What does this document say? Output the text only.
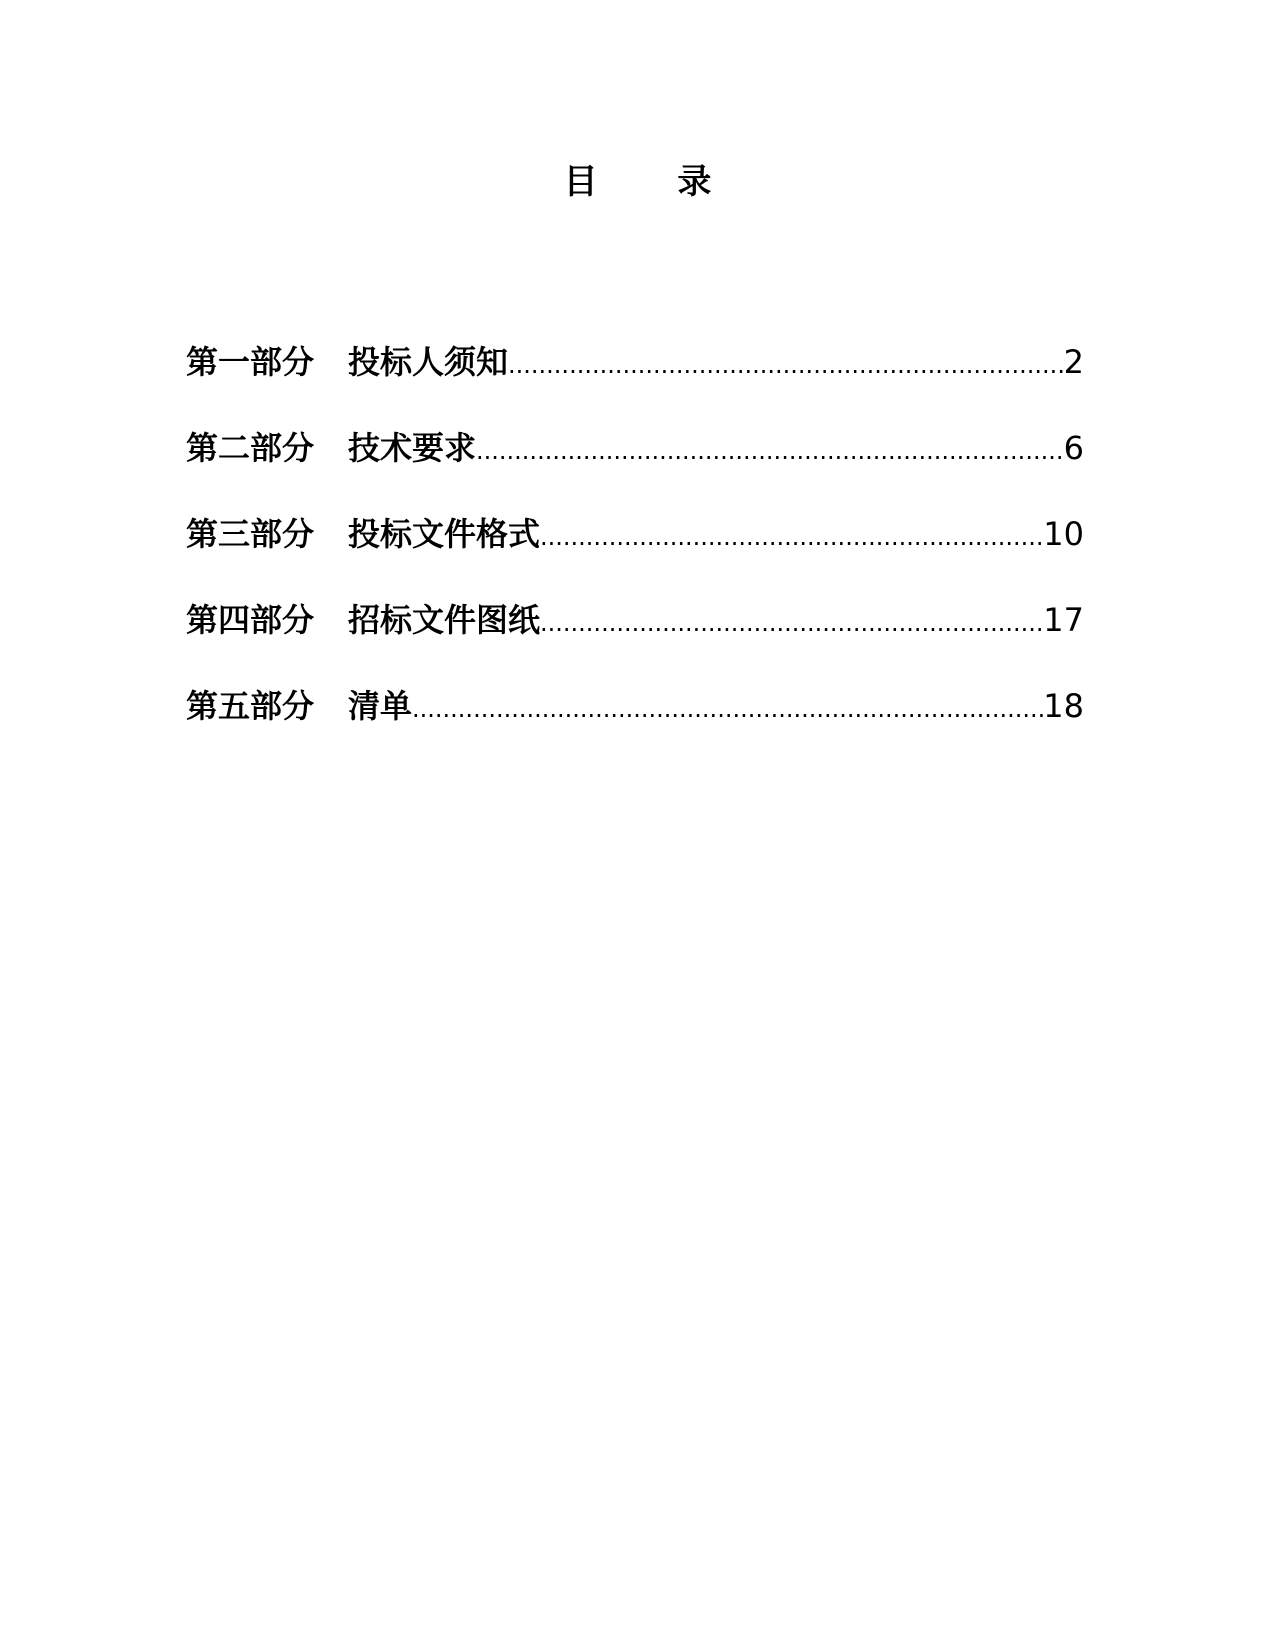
目 录
第一部分 投标人须知 .....	2
第二部分 技术要求 .....	6
第三部分 投标文件格式 .....	10
第四部分 招标文件图纸 .....	17
第五部分 清单 .....	18
